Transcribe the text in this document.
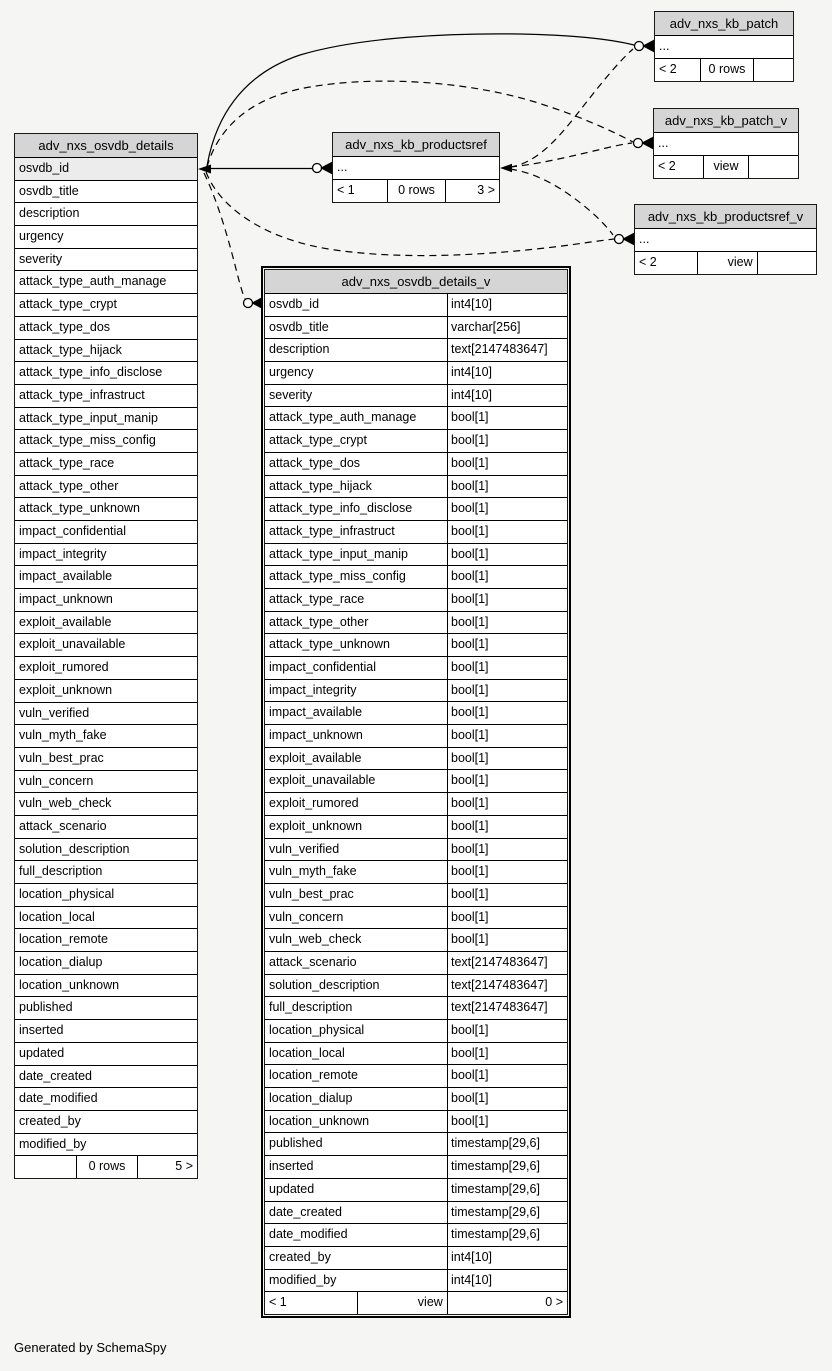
adv_nxs_osvdb_details
osvdb_id
osvdb_title
description
urgency
severity
attack_type_auth_manage
attack_type_crypt
attack_type_dos
attack_type_hijack
attack_type_info_disclose
attack_type_infrastruct
attack_type_input_manip
attack_type_miss_config
attack_type_race
attack_type_other
attack_type_unknown
impact_confidential
impact_integrity
impact_available
impact_unknown
exploit_available
exploit_unavailable
exploit_rumored
exploit_unknown
vuln_verified
vuln_myth_fake
vuln_best_prac
vuln_concern
vuln_web_check
attack_scenario
solution_description
full_description
location_physical
location_local
location_remote
location_dialup
location_unknown
published
inserted
updated
date_created
date_modified
created_by
modified_by
0 rows	5 >
adv_nxs_kb_productsref
...
< 1	0 rows	3 >
adv_nxs_kb_patch
...
< 2	0 rows
adv_nxs_kb_patch_v
...
< 2	view
adv_nxs_kb_productsref_v
...
< 2	view
adv_nxs_osvdb_details_v
osvdb_id	int4[10]
osvdb_title	varchar[256]
description	text[2147483647]
urgency	int4[10]
severity	int4[10]
attack_type_auth_manage	bool[1]
attack_type_crypt	bool[1]
attack_type_dos	bool[1]
attack_type_hijack	bool[1]
attack_type_info_disclose	bool[1]
attack_type_infrastruct	bool[1]
attack_type_input_manip	bool[1]
attack_type_miss_config	bool[1]
attack_type_race	bool[1]
attack_type_other	bool[1]
attack_type_unknown	bool[1]
impact_confidential	bool[1]
impact_integrity	bool[1]
impact_available	bool[1]
impact_unknown	bool[1]
exploit_available	bool[1]
exploit_unavailable	bool[1]
exploit_rumored	bool[1]
exploit_unknown	bool[1]
vuln_verified	bool[1]
vuln_myth_fake	bool[1]
vuln_best_prac	bool[1]
vuln_concern	bool[1]
vuln_web_check	bool[1]
attack_scenario	text[2147483647]
solution_description	text[2147483647]
full_description	text[2147483647]
location_physical	bool[1]
location_local	bool[1]
location_remote	bool[1]
location_dialup	bool[1]
location_unknown	bool[1]
published	timestamp[29,6]
inserted	timestamp[29,6]
updated	timestamp[29,6]
date_created	timestamp[29,6]
date_modified	timestamp[29,6]
created_by	int4[10]
modified_by	int4[10]
< 1	view	0 >
Generated by SchemaSpy
